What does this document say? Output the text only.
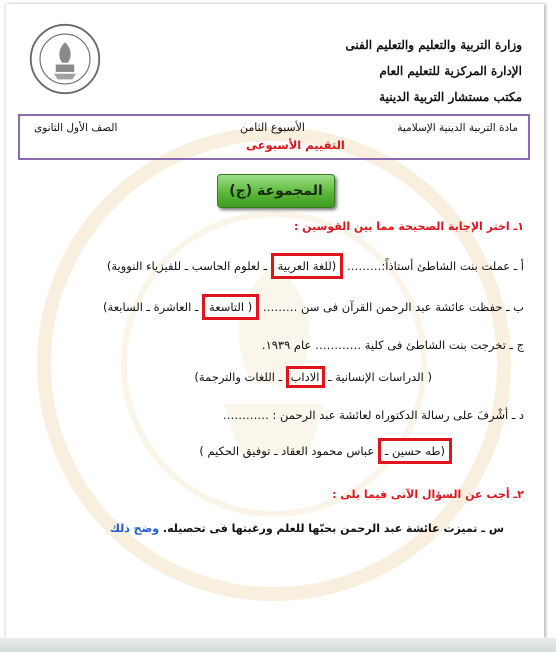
وزارة التربية والتعليم والتعليم الفنى
الإدارة المركزية للتعليم العام
مكتب مستشار التربية الدينية
مادة التربية الدينية الإسلامية
الأسبوع الثامن
التقييم الأسبوعى
الصف الأول الثانوى
المجموعة (ج)
١ـ اختر الإجابة الصحيحة مما بين القوسين :
أ ـ عملت بنت الشاطئ أستاذاً:……… (للغة العربية ـ لعلوم الحاسب ـ للفيزياء النووية)
ب ـ حفظت عائشة عبد الرحمن القرآن فى سن ……… ( التاسعة ـ العاشرة ـ السابعة)
ج ـ تخرجت بنت الشاطئ فى كلية ………… عام ١٩٣٩.
( الدراسات الإنسانية ـ الاداب ـ اللغات والترجمة)
د ـ أشْرفَ على رسالة الدكتوراه لعائشة عبد الرحمن : …………
(طه حسين ـ عباس محمود العقاد ـ توفيق الحكيم )
٢ـ أجب عن السؤال الآتى فيما يلى :
س ـ تميزت عائشة عبد الرحمن بحبّها للعلم ورغبتها فى تحصيله. وضح ذلك
